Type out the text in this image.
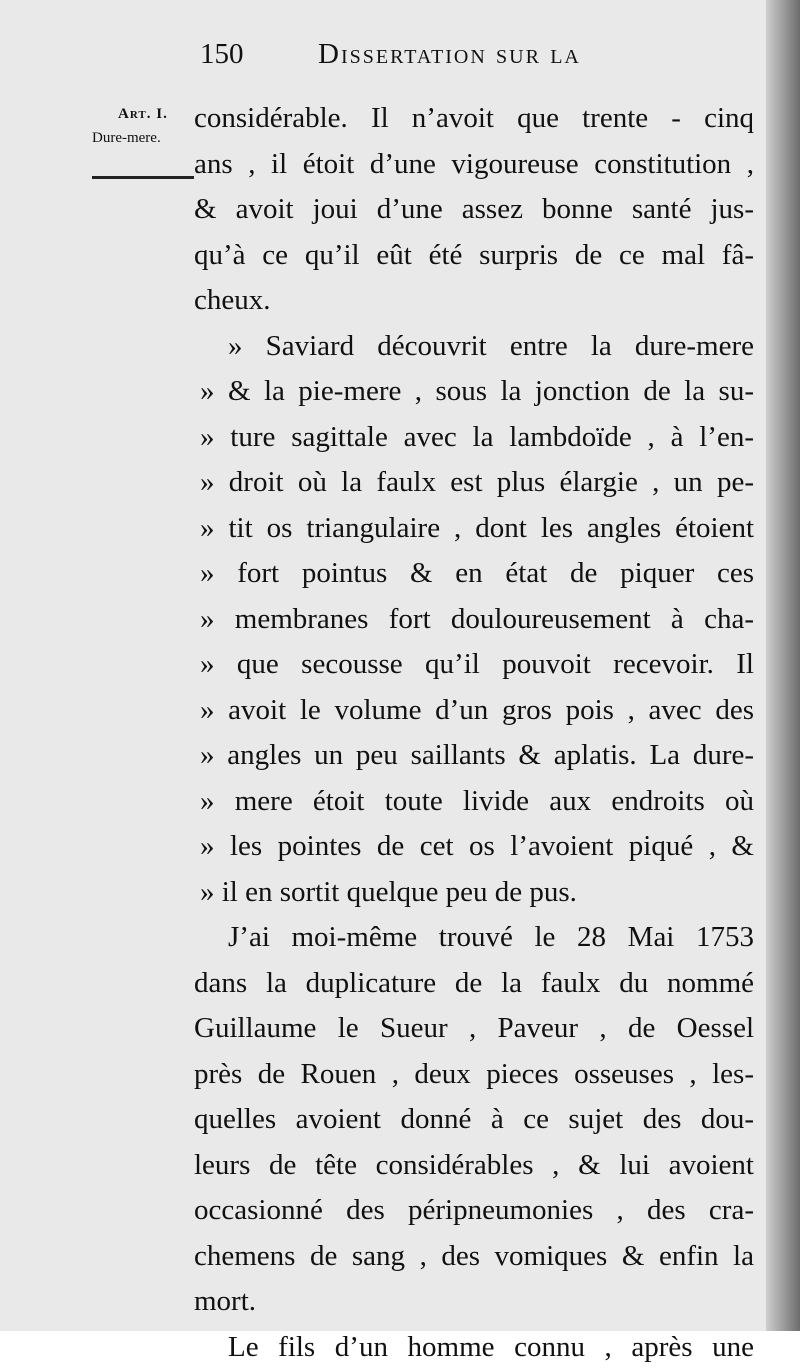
150	Dissertation sur la
Art. I.
Dure-mere.
considérable. Il n’avoit que trente - cinq
ans , il étoit d’une vigoureuse constitution ,
& avoit joui d’une assez bonne santé jus-
qu’à ce qu’il eût été surpris de ce mal fâ-
cheux.
» Saviard découvrit entre la dure-mere
» & la pie-mere , sous la jonction de la su-
» ture sagittale avec la lambdoïde , à l’en-
» droit où la faulx est plus élargie , un pe-
» tit os triangulaire , dont les angles étoient
» fort pointus & en état de piquer ces
» membranes fort douloureusement à cha-
» que secousse qu’il pouvoit recevoir. Il
» avoit le volume d’un gros pois , avec des
» angles un peu saillants & aplatis. La dure-
» mere étoit toute livide aux endroits où
» les pointes de cet os l’avoient piqué , &
» il en sortit quelque peu de pus.
J’ai moi-même trouvé le 28 Mai 1753
dans la duplicature de la faulx du nommé
Guillaume le Sueur , Paveur , de Oessel
près de Rouen , deux pieces osseuses , les-
quelles avoient donné à ce sujet des dou-
leurs de tête considérables , & lui avoient
occasionné des péripneumonies , des cra-
chemens de sang , des vomiques & enfin la
mort.
Le fils d’un homme connu , après une
